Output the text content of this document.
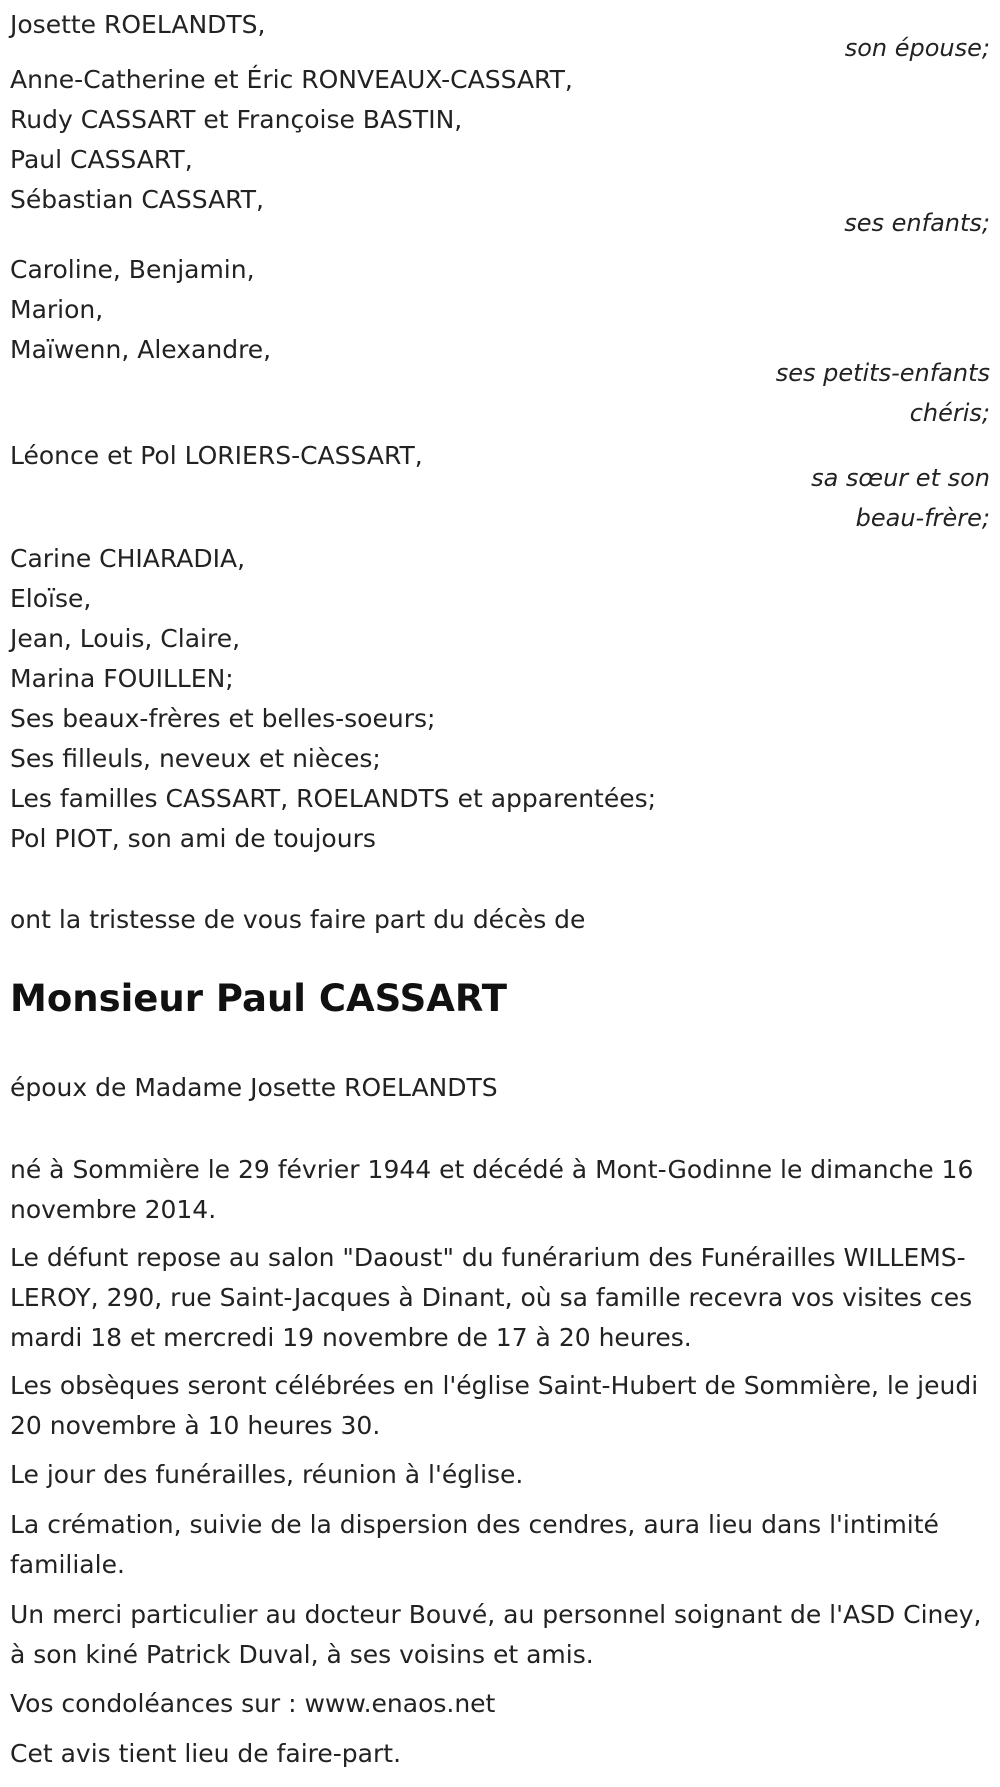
Josette ROELANDTS,
son épouse;
Anne-Catherine et Éric RONVEAUX-CASSART,
Rudy CASSART et Françoise BASTIN,
Paul CASSART,
Sébastian CASSART,
ses enfants;
Caroline, Benjamin,
Marion,
Maïwenn, Alexandre,
ses petits-enfants
chéris;
Léonce et Pol LORIERS-CASSART,
sa sœur et son
beau-frère;
Carine CHIARADIA,
Eloïse,
Jean, Louis, Claire,
Marina FOUILLEN;
Ses beaux-frères et belles-soeurs;
Ses filleuls, neveux et nièces;
Les familles CASSART, ROELANDTS et apparentées;
Pol PIOT, son ami de toujours
ont la tristesse de vous faire part du décès de
Monsieur Paul CASSART
époux de Madame Josette ROELANDTS
né à Sommière le 29 février 1944 et décédé à Mont-Godinne le dimanche 16 novembre 2014.
Le défunt repose au salon "Daoust" du funérarium des Funérailles WILLEMS-LEROY, 290, rue Saint-Jacques à Dinant, où sa famille recevra vos visites ces mardi 18 et mercredi 19 novembre de 17 à 20 heures.
Les obsèques seront célébrées en l'église Saint-Hubert de Sommière, le jeudi 20 novembre à 10 heures 30.
Le jour des funérailles, réunion à l'église.
La crémation, suivie de la dispersion des cendres, aura lieu dans l'intimité familiale.
Un merci particulier au docteur Bouvé, au personnel soignant de l'ASD Ciney, à son kiné Patrick Duval, à ses voisins et amis.
Vos condoléances sur : www.enaos.net
Cet avis tient lieu de faire-part.
